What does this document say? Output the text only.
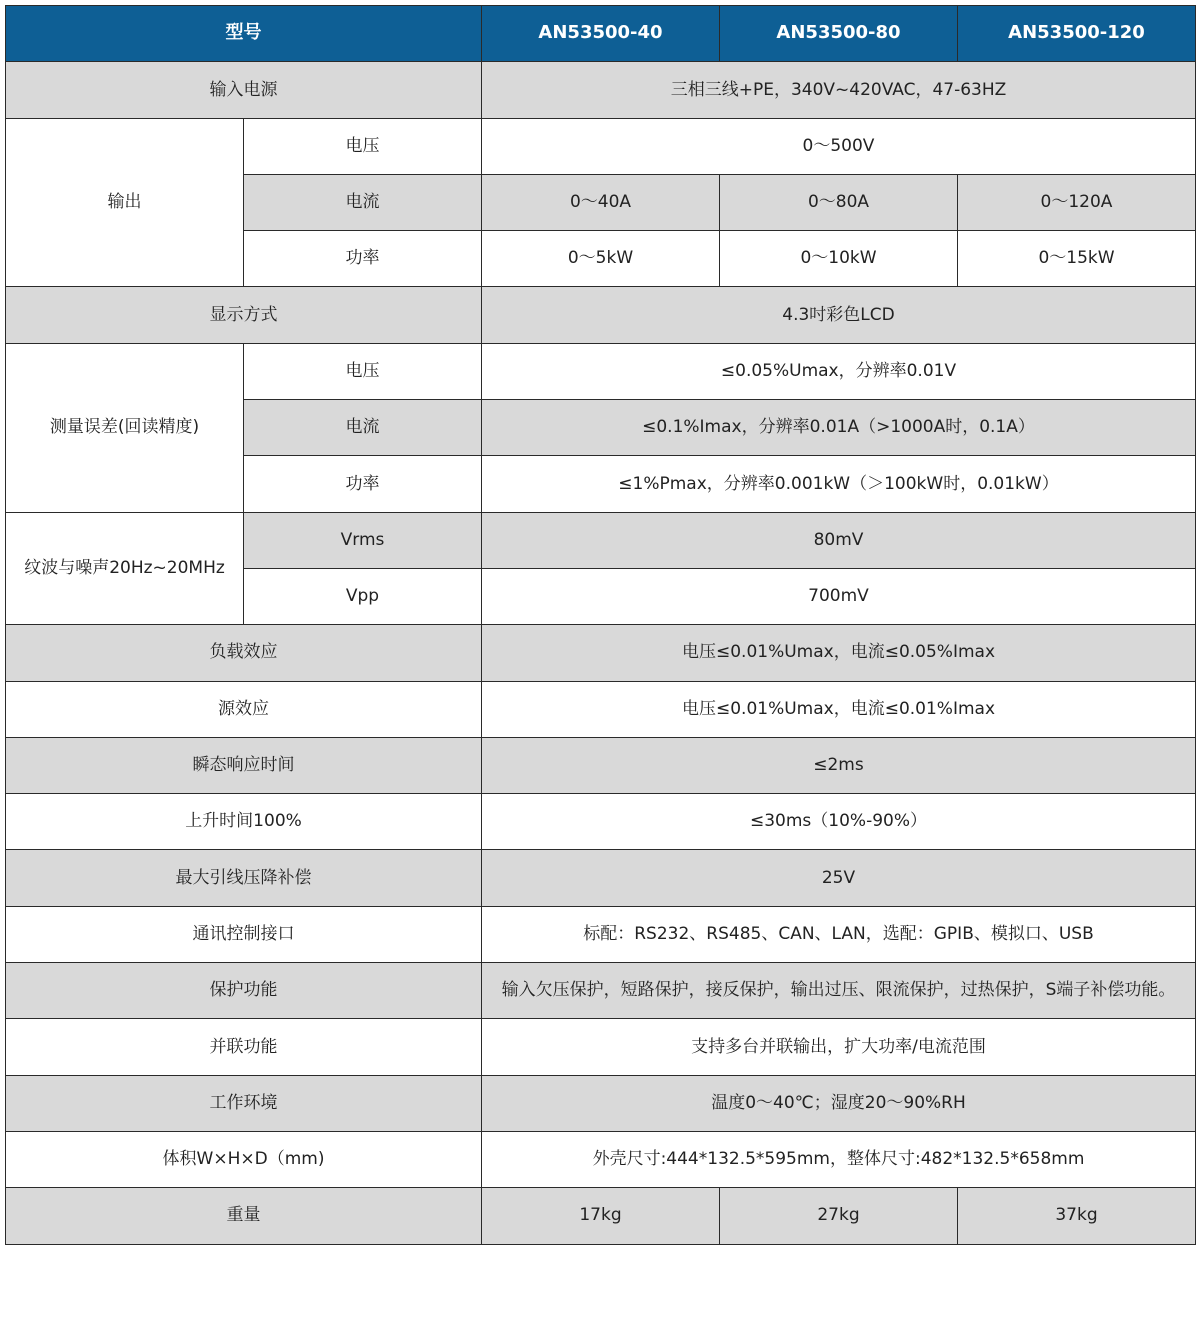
型号		AN53500-40	AN53500-80	AN53500-120
输入电源		三相三线+PE，340V~420VAC，47-63HZ		
输出	电压	0～500V		
	电流	0～40A	0～80A	0～120A
	功率	0～5kW	0～10kW	0～15kW
显示方式		4.3吋彩色LCD		
测量误差(回读精度)	电压	≤0.05%Umax，分辨率0.01V		
	电流	≤0.1%Imax，分辨率0.01A（>1000A时，0.1A）		
	功率	≤1%Pmax，分辨率0.001kW（＞100kW时，0.01kW）		
纹波与噪声20Hz~20MHz	Vrms	80mV		
	Vpp	700mV		
负载效应		电压≤0.01%Umax，电流≤0.05%Imax		
源效应		电压≤0.01%Umax，电流≤0.01%Imax		
瞬态响应时间		≤2ms		
上升时间100%		≤30ms（10%-90%）		
最大引线压降补偿		25V		
通讯控制接口		标配：RS232、RS485、CAN、LAN，选配：GPIB、模拟口、USB		
保护功能		输入欠压保护，短路保护，接反保护，输出过压、限流保护，过热保护，S端子补偿功能。		
并联功能		支持多台并联输出，扩大功率/电流范围		
工作环境		温度0～40℃；湿度20～90%RH		
体积W×H×D（mm)		外壳尺寸:444*132.5*595mm，整体尺寸:482*132.5*658mm		
重量		17kg	27kg	37kg
